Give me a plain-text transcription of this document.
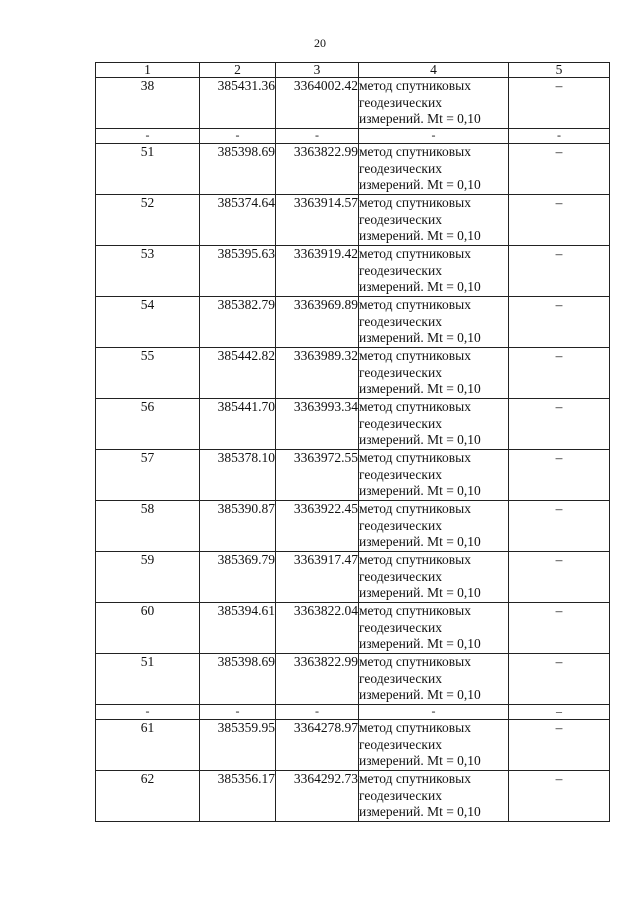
20
1	2	3	4	5
38	385431.36	3364002.42	метод спутниковых
геодезических
измерений. Mt = 0,10	–
-	-	-	-	-
51	385398.69	3363822.99	метод спутниковых
геодезических
измерений. Mt = 0,10	–
52	385374.64	3363914.57	метод спутниковых
геодезических
измерений. Mt = 0,10	–
53	385395.63	3363919.42	метод спутниковых
геодезических
измерений. Mt = 0,10	–
54	385382.79	3363969.89	метод спутниковых
геодезических
измерений. Mt = 0,10	–
55	385442.82	3363989.32	метод спутниковых
геодезических
измерений. Mt = 0,10	–
56	385441.70	3363993.34	метод спутниковых
геодезических
измерений. Mt = 0,10	–
57	385378.10	3363972.55	метод спутниковых
геодезических
измерений. Mt = 0,10	–
58	385390.87	3363922.45	метод спутниковых
геодезических
измерений. Mt = 0,10	–
59	385369.79	3363917.47	метод спутниковых
геодезических
измерений. Mt = 0,10	–
60	385394.61	3363822.04	метод спутниковых
геодезических
измерений. Mt = 0,10	–
51	385398.69	3363822.99	метод спутниковых
геодезических
измерений. Mt = 0,10	–
-	-	-	-	–
61	385359.95	3364278.97	метод спутниковых
геодезических
измерений. Mt = 0,10	–
62	385356.17	3364292.73	метод спутниковых
геодезических
измерений. Mt = 0,10	–
